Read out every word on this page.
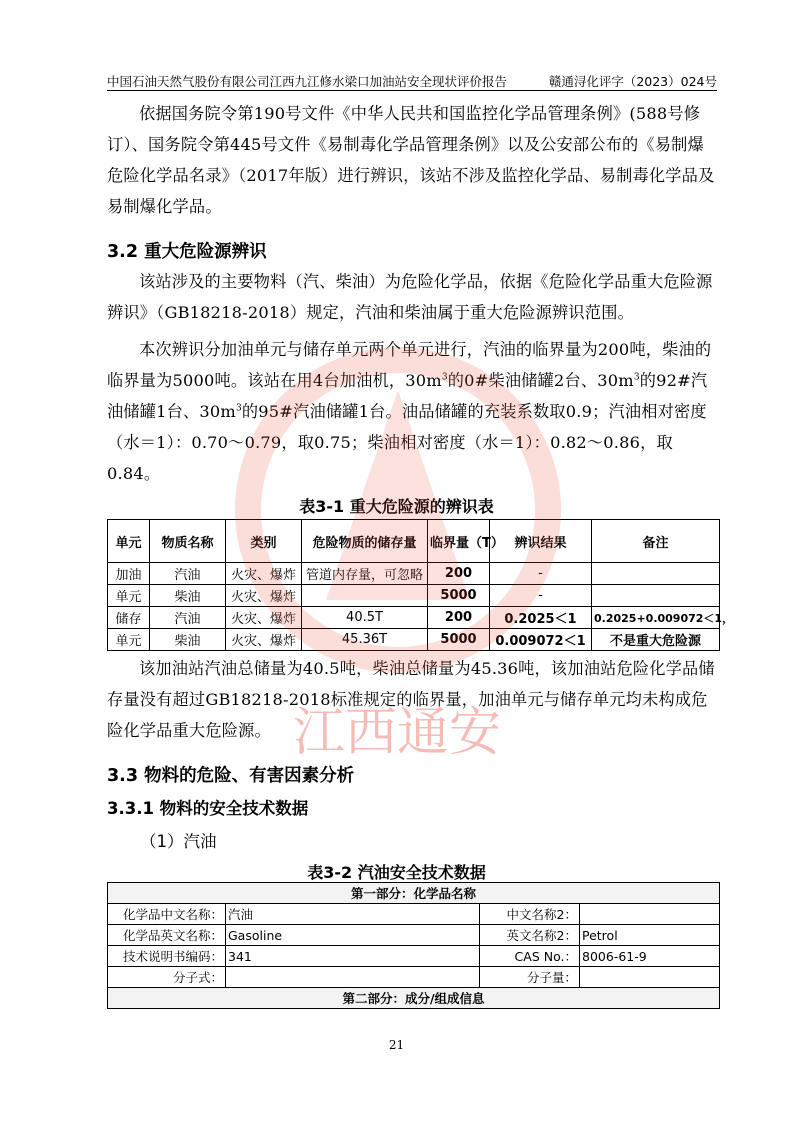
中国石油天然气股份有限公司江西九江修水梁口加油站安全现状评价报告	赣通浔化评字（2023）024号
依据国务院令第190号文件《中华人民共和国监控化学品管理条例》(588号修订）、国务院令第445号文件《易制毒化学品管理条例》以及公安部公布的《易制爆危险化学品名录》（2017年版）进行辨识，该站不涉及监控化学品、易制毒化学品及易制爆化学品。
3.2 重大危险源辨识
该站涉及的主要物料（汽、柴油）为危险化学品，依据《危险化学品重大危险源辨识》（GB18218-2018）规定，汽油和柴油属于重大危险源辨识范围。
本次辨识分加油单元与储存单元两个单元进行，汽油的临界量为200吨，柴油的临界量为5000吨。该站在用4台加油机，$30m^3$的0#柴油储罐2台、$30m^3$的92#汽油储罐1台、$30m^3$的95#汽油储罐1台。油品储罐的充装系数取0.9；汽油相对密度（水＝1）：0.70～0.79，取0.75；柴油相对密度（水＝1）：0.82～0.86，取0.84。
表3-1 重大危险源的辨识表
单元	物质名称	类别	危险物质的储存量	临界量（T）	辨识结果	备注
加油	汽油	火灾、爆炸	管道内存量，可忽略	200	-	
单元	柴油	火灾、爆炸		5000	-	
储存	汽油	火灾、爆炸	40.5T	200	0.2025＜1	0.2025+0.009072＜1，
单元	柴油	火灾、爆炸	45.36T	5000	0.009072＜1	不是重大危险源
该加油站汽油总储量为40.5吨，柴油总储量为45.36吨，该加油站危险化学品储存量没有超过GB18218-2018标准规定的临界量，加油单元与储存单元均未构成危险化学品重大危险源。
3.3 物料的危险、有害因素分析
3.3.1 物料的安全技术数据
（1）汽油
表3-2 汽油安全技术数据
第一部分：化学品名称			
化学品中文名称：	汽油	中文名称2：	
化学品英文名称：	Gasoline	英文名称2：	Petrol
技术说明书编码：	341	CAS No.：	8006-61-9
分子式：		分子量：	
第二部分：成分/组成信息			
21
江西通安
